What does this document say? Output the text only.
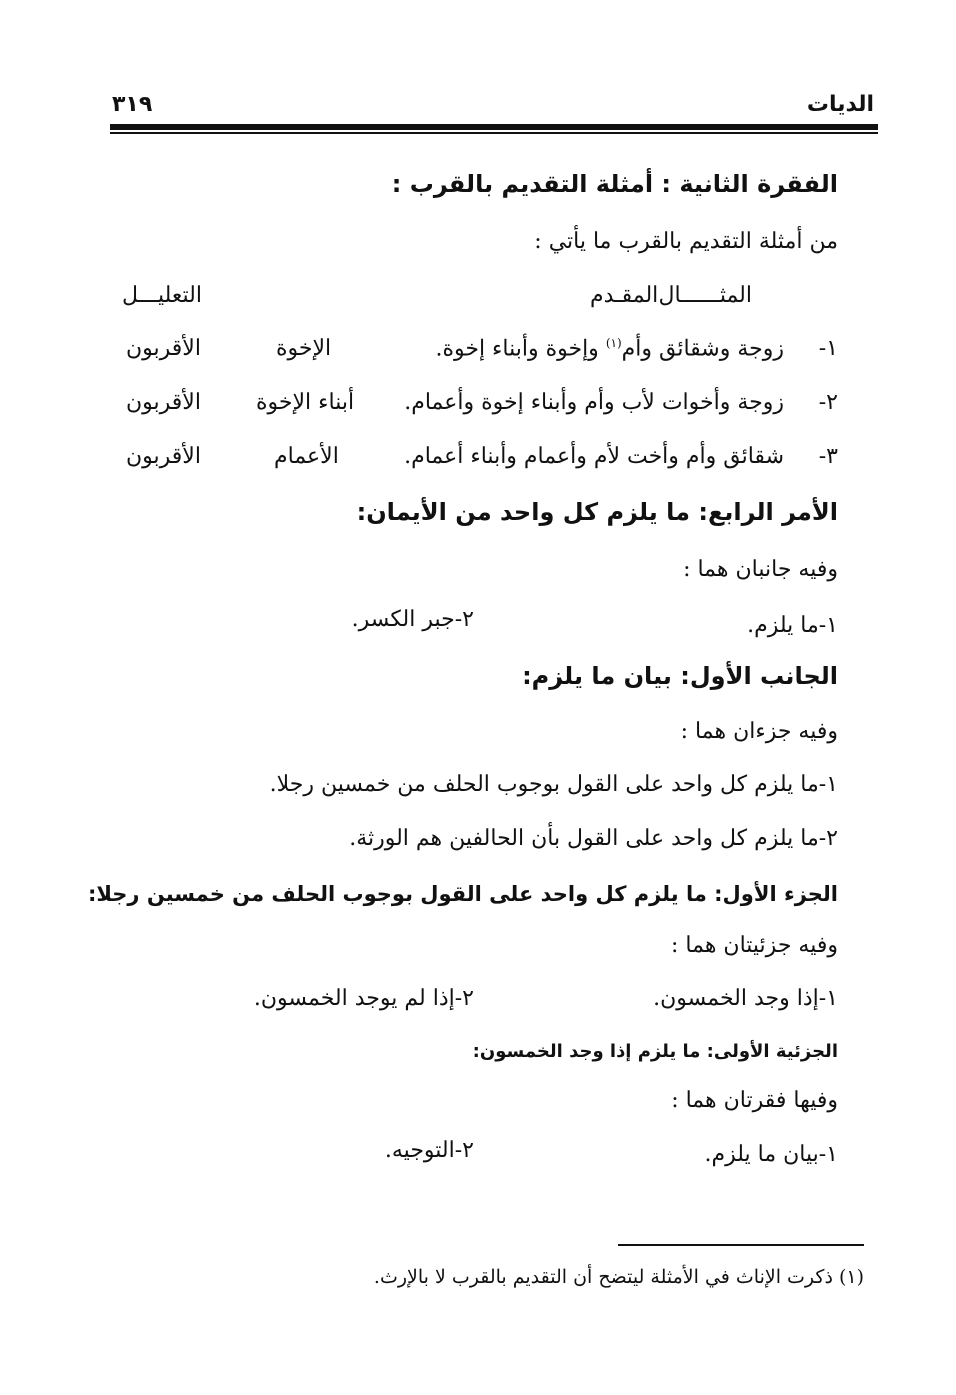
الديات
٣١٩
الفقرة الثانية : أمثلة التقديم بالقرب :
من أمثلة التقديم بالقرب ما يأتي :
المثــــــال
المقـدم
التعليـــل
١-
زوجة وشقائق وأم$^{(١)}$ وإخوة وأبناء إخوة.
الإخوة
الأقربون
٢-
زوجة وأخوات لأب وأم وأبناء إخوة وأعمام.
أبناء الإخوة
الأقربون
٣-
شقائق وأم وأخت لأم وأعمام وأبناء أعمام.
الأعمام
الأقربون
الأمر الرابع: ما يلزم كل واحد من الأيمان:
وفيه جانبان هما :
١-ما يلزم.
٢-جبر الكسر.
الجانب الأول: بيان ما يلزم:
وفيه جزءان هما :
١-ما يلزم كل واحد على القول بوجوب الحلف من خمسين رجلا.
٢-ما يلزم كل واحد على القول بأن الحالفين هم الورثة.
الجزء الأول: ما يلزم كل واحد على القول بوجوب الحلف من خمسين رجلا:
وفيه جزئيتان هما :
١-إذا وجد الخمسون.
٢-إذا لم يوجد الخمسون.
الجزئية الأولى: ما يلزم إذا وجد الخمسون:
وفيها فقرتان هما :
١-بيان ما يلزم.
٢-التوجيه.
(١) ذكرت الإناث في الأمثلة ليتضح أن التقديم بالقرب لا بالإرث.
